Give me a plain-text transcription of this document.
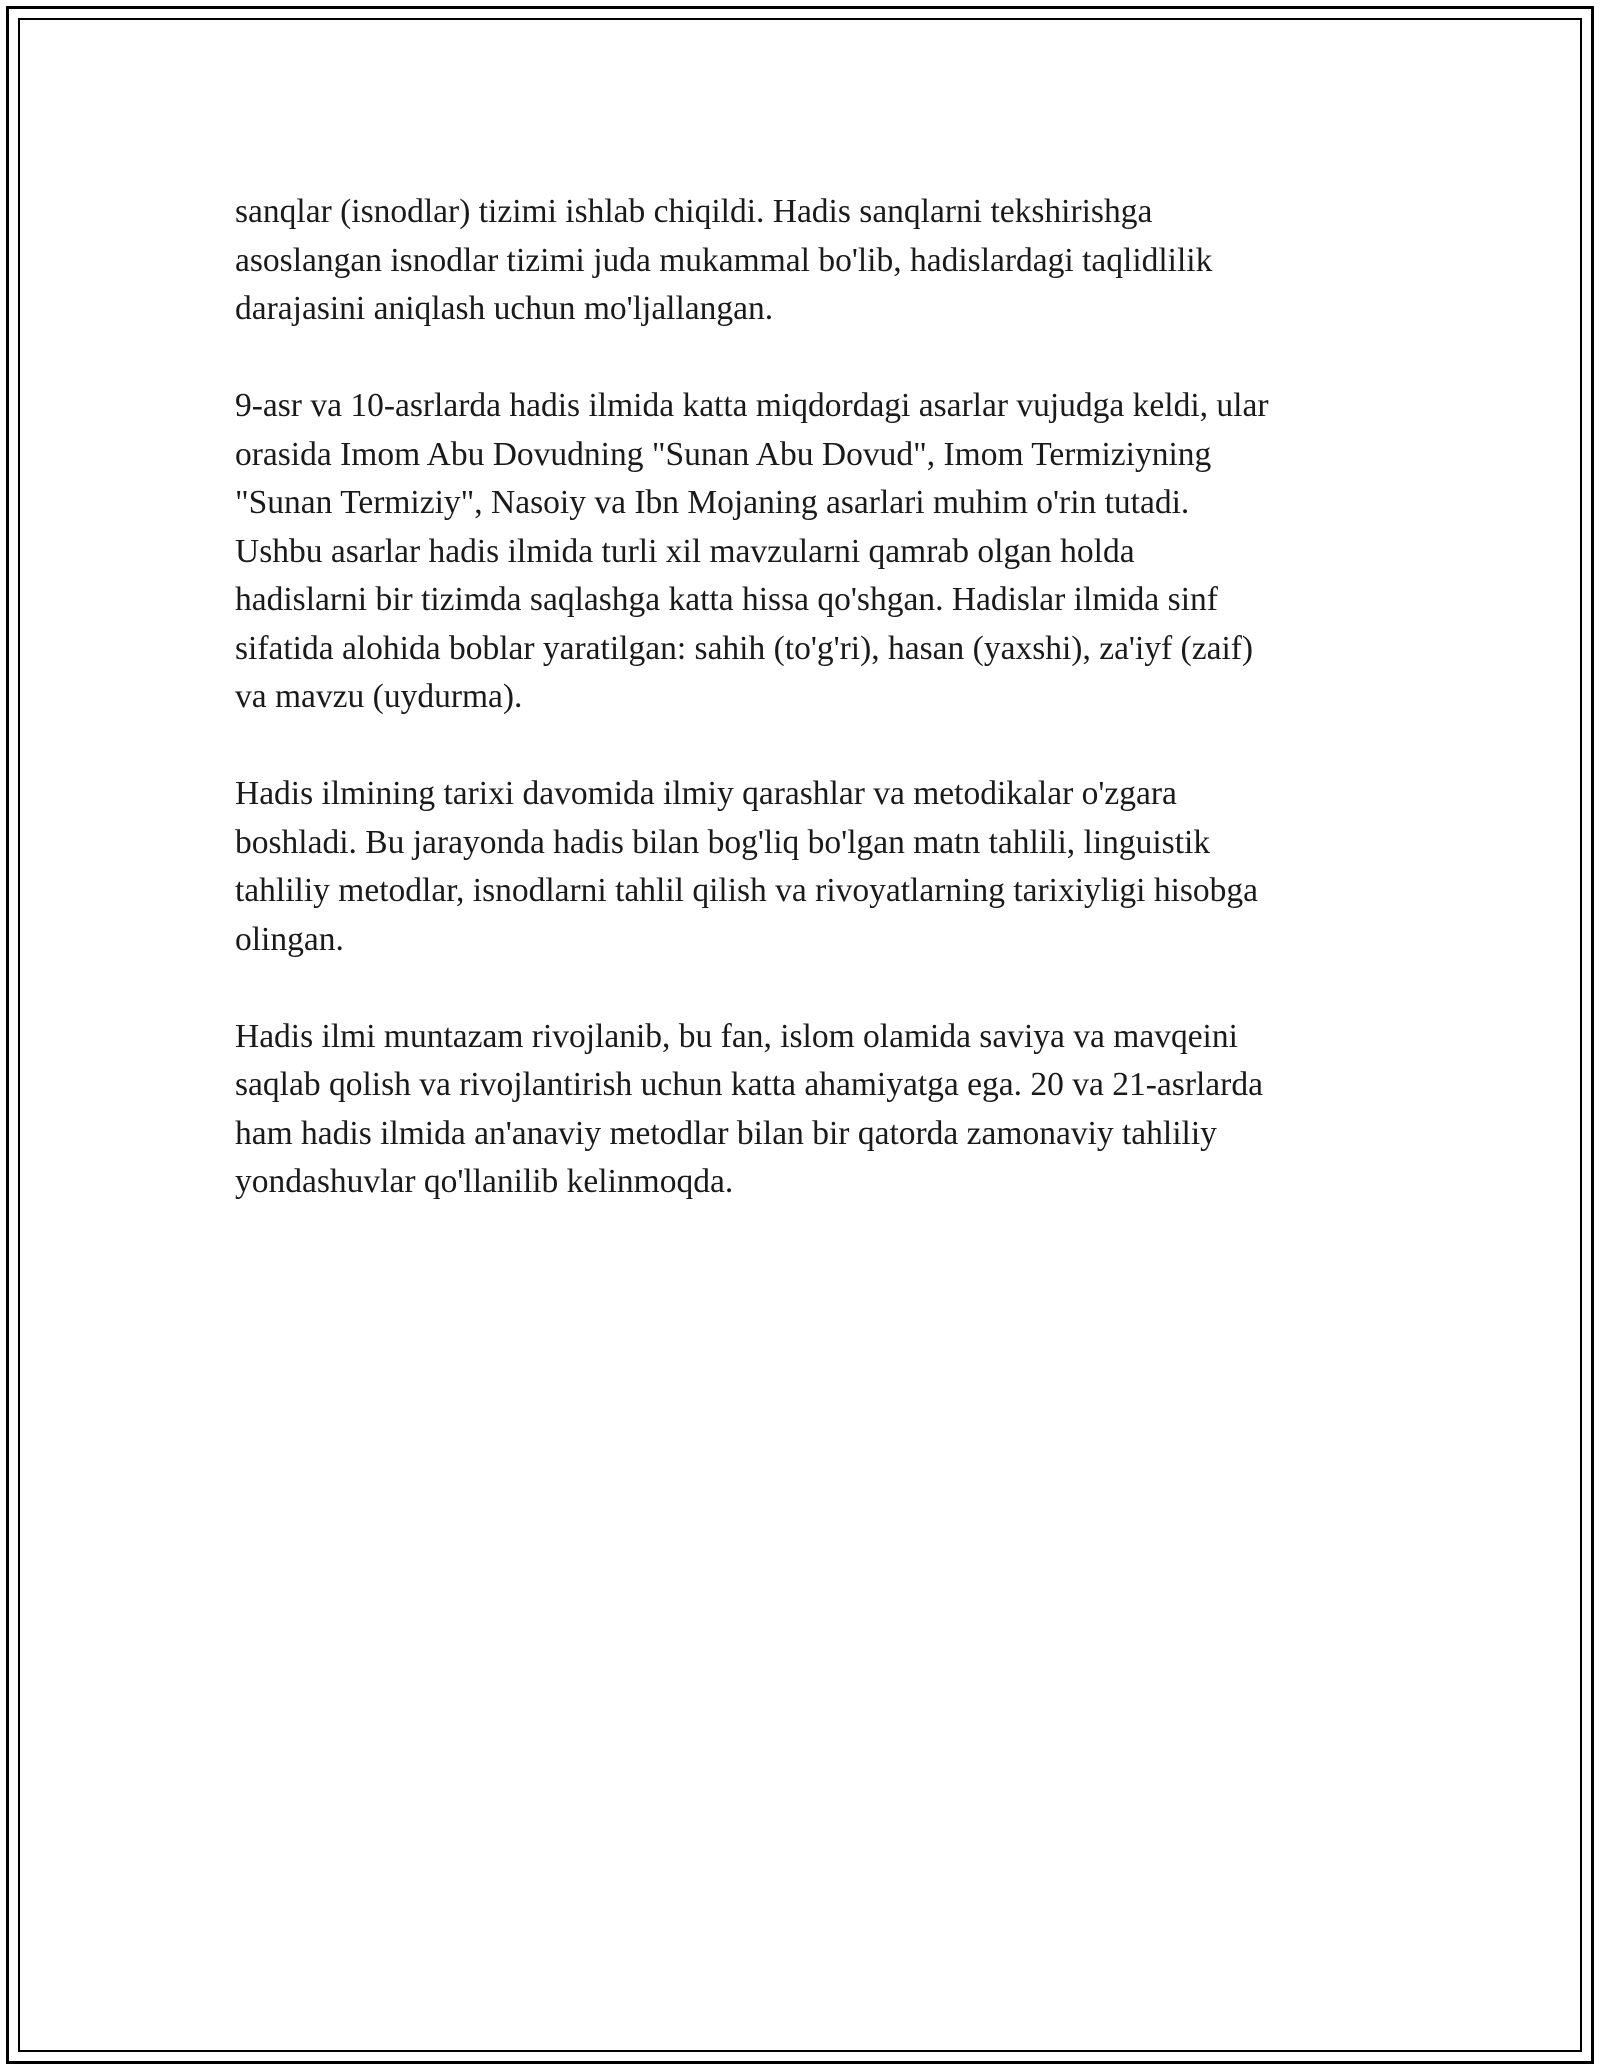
sanqlar (isnodlar) tizimi ishlab chiqildi. Hadis sanqlarni tekshirishga
asoslangan isnodlar tizimi juda mukammal bo'lib, hadislardagi taqlidlilik
darajasini aniqlash uchun mo'ljallangan.

9-asr va 10-asrlarda hadis ilmida katta miqdordagi asarlar vujudga keldi, ular
orasida Imom Abu Dovudning "Sunan Abu Dovud", Imom Termiziyning
"Sunan Termiziy", Nasoiy va Ibn Mojaning asarlari muhim o'rin tutadi.
Ushbu asarlar hadis ilmida turli xil mavzularni qamrab olgan holda
hadislarni bir tizimda saqlashga katta hissa qo'shgan. Hadislar ilmida sinf
sifatida alohida boblar yaratilgan: sahih (to'g'ri), hasan (yaxshi), za'iyf (zaif)
va mavzu (uydurma).

Hadis ilmining tarixi davomida ilmiy qarashlar va metodikalar o'zgara
boshladi. Bu jarayonda hadis bilan bog'liq bo'lgan matn tahlili, linguistik
tahliliy metodlar, isnodlarni tahlil qilish va rivoyatlarning tarixiyligi hisobga
olingan.

Hadis ilmi muntazam rivojlanib, bu fan, islom olamida saviya va mavqeini
saqlab qolish va rivojlantirish uchun katta ahamiyatga ega. 20 va 21-asrlarda
ham hadis ilmida an'anaviy metodlar bilan bir qatorda zamonaviy tahliliy
yondashuvlar qo'llanilib kelinmoqda.
